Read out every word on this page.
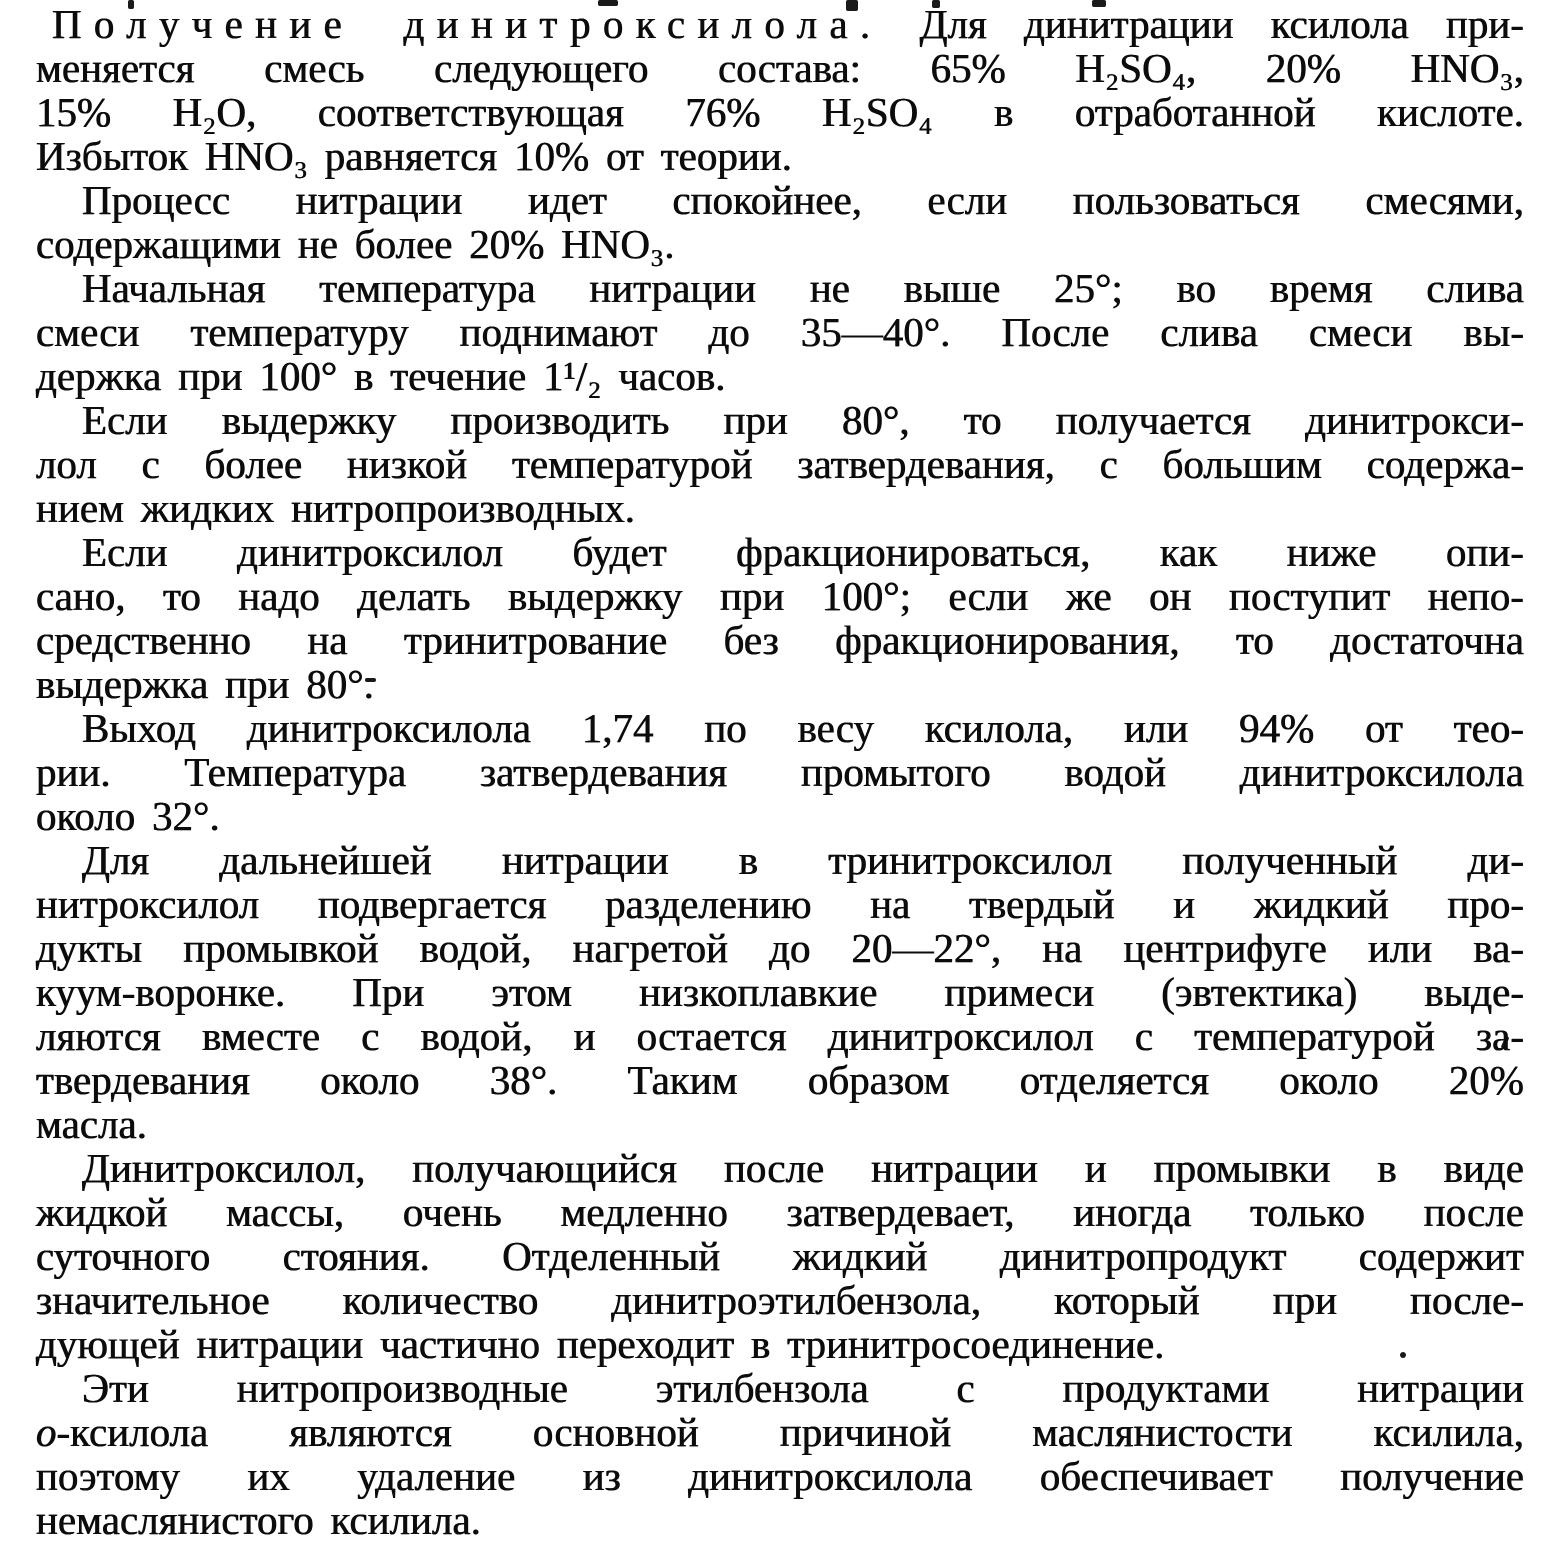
Получение динитроксилола. Для динитрации ксилола при-
меняется смесь следующего состава: 65% H₂SO₄, 20% HNO₃,
15% H₂O, соответствующая 76% H₂SO₄ в отработанной кислоте.
Избыток HNO₃ равняется 10% от теории.
Процесс нитрации идет спокойнее, если пользоваться смесями,
содержащими не более 20% HNO₃.
Начальная температура нитрации не выше 25°; во время слива
смеси температуру поднимают до 35—40°. После слива смеси вы-
держка при 100° в течение 1¹/₂ часов.
Если выдержку производить при 80°, то получается динитрокси-
лол с более низкой температурой затвердевания, с большим содержа-
нием жидких нитропроизводных.
Если динитроксилол будет фракционироваться, как ниже опи-
сано, то надо делать выдержку при 100°; если же он поступит непо-
средственно на тринитрование без фракционирования, то достаточна
выдержка при 80°.
Выход динитроксилола 1,74 по весу ксилола, или 94% от тео-
рии. Температура затвердевания промытого водой динитроксилола
около 32°.
Для дальнейшей нитрации в тринитроксилол полученный ди-
нитроксилол подвергается разделению на твердый и жидкий про-
дукты промывкой водой, нагретой до 20—22°, на центрифуге или ва-
куум-воронке. При этом низкоплавкие примеси (эвтектика) выде-
ляются вместе с водой, и остается динитроксилол с температурой за-
твердевания около 38°. Таким образом отделяется около 20%
масла.
Динитроксилол, получающийся после нитрации и промывки в виде
жидкой массы, очень медленно затвердевает, иногда только после
суточного стояния. Отделенный жидкий динитропродукт содержит
значительное количество динитроэтилбензола, который при после-
дующей нитрации частично переходит в тринитросоединение.
Эти нитропроизводные этилбензола с продуктами нитрации
о-ксилола являются основной причиной маслянистости ксилила,
поэтому их удаление из динитроксилола обеспечивает получение
немаслянистого ксилила.
